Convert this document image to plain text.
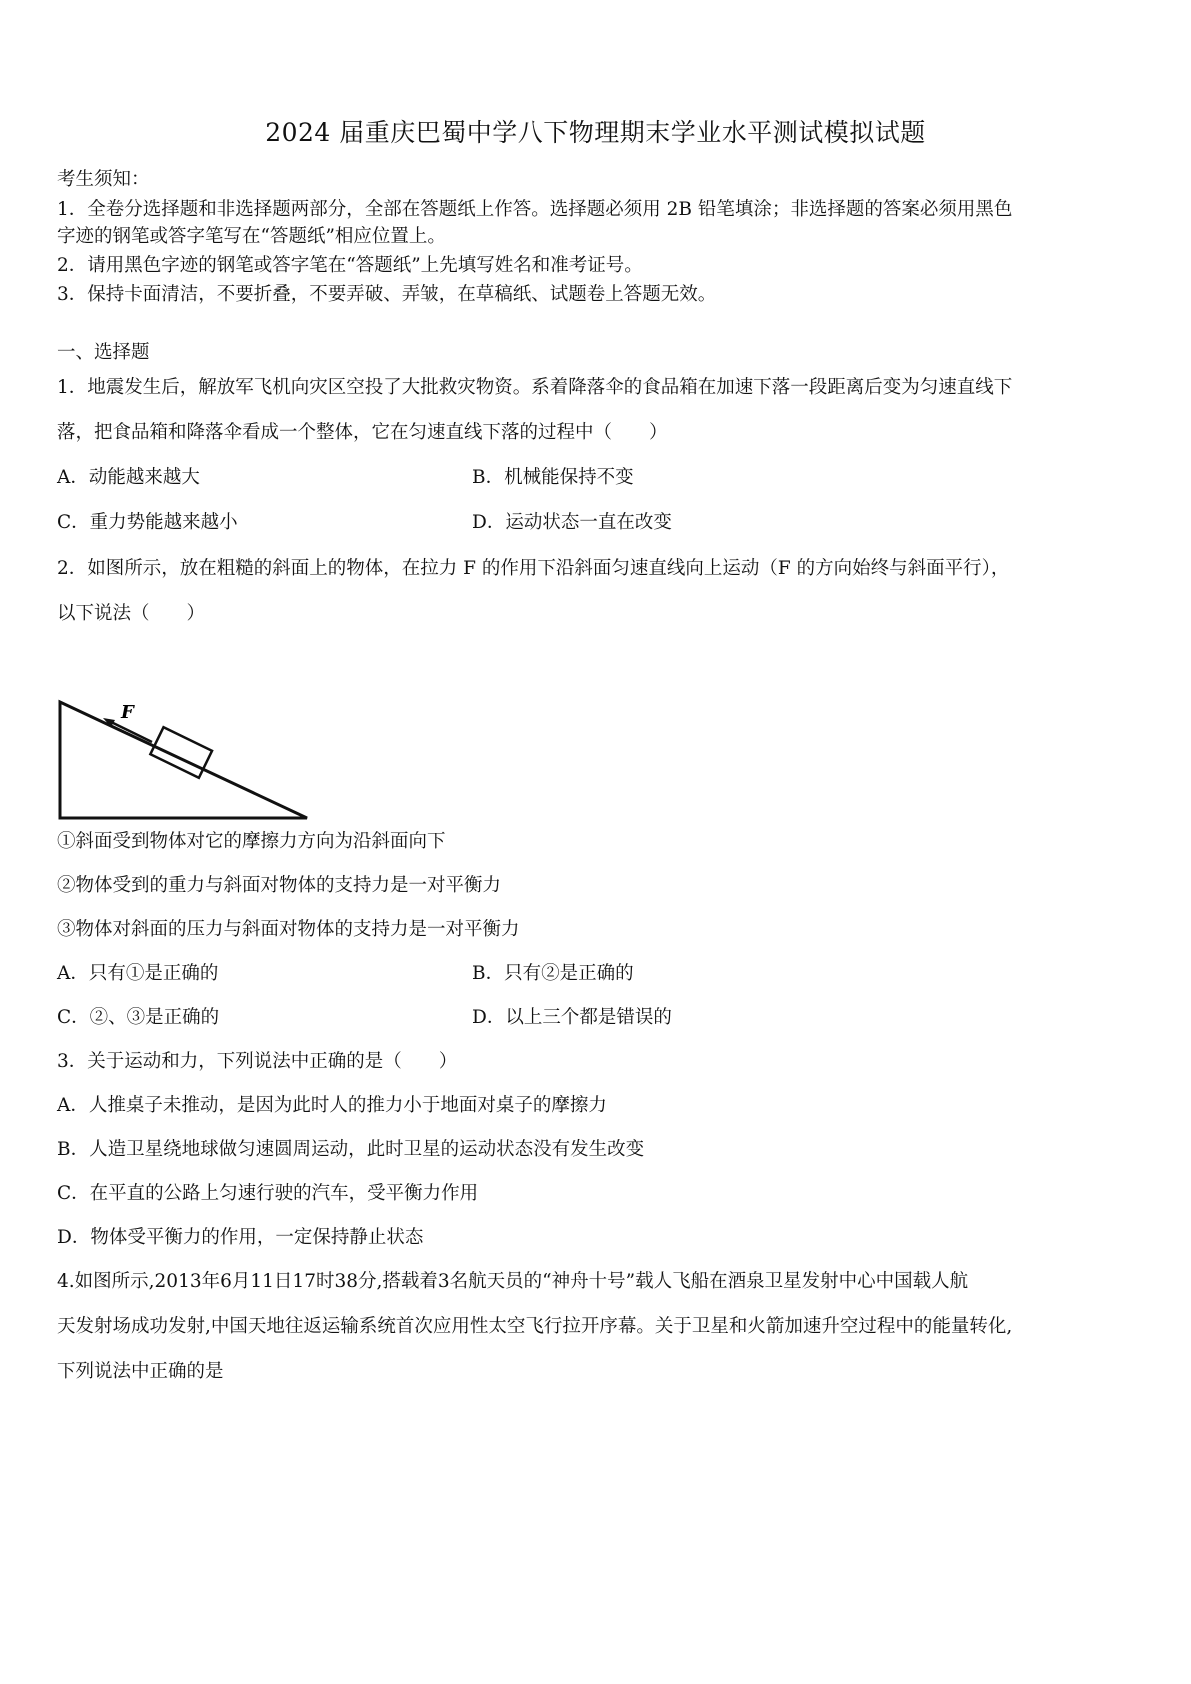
2024 届重庆巴蜀中学八下物理期末学业水平测试模拟试题
考生须知：
1．全卷分选择题和非选择题两部分，全部在答题纸上作答。选择题必须用 2B 铅笔填涂；非选择题的答案必须用黑色
字迹的钢笔或答字笔写在“答题纸”相应位置上。
2．请用黑色字迹的钢笔或答字笔在“答题纸”上先填写姓名和准考证号。
3．保持卡面清洁，不要折叠，不要弄破、弄皱，在草稿纸、试题卷上答题无效。
一、选择题
1．地震发生后，解放军飞机向灾区空投了大批救灾物资。系着降落伞的食品箱在加速下落一段距离后变为匀速直线下
落，把食品箱和降落伞看成一个整体，它在匀速直线下落的过程中（　　）
A．动能越来越大	B．机械能保持不变
C．重力势能越来越小	D．运动状态一直在改变
2．如图所示，放在粗糙的斜面上的物体，在拉力 F 的作用下沿斜面匀速直线向上运动（F 的方向始终与斜面平行），
以下说法（　　）
F
①斜面受到物体对它的摩擦力方向为沿斜面向下
②物体受到的重力与斜面对物体的支持力是一对平衡力
③物体对斜面的压力与斜面对物体的支持力是一对平衡力
A．只有①是正确的	B．只有②是正确的
C．②、③是正确的	D．以上三个都是错误的
3．关于运动和力，下列说法中正确的是（　　）
A．人推桌子未推动，是因为此时人的推力小于地面对桌子的摩擦力
B．人造卫星绕地球做匀速圆周运动，此时卫星的运动状态没有发生改变
C．在平直的公路上匀速行驶的汽车，受平衡力作用
D．物体受平衡力的作用，一定保持静止状态
4.如图所示,2013年6月11日17时38分,搭载着3名航天员的“神舟十号”载人飞船在酒泉卫星发射中心中国载人航
天发射场成功发射,中国天地往返运输系统首次应用性太空飞行拉开序幕。关于卫星和火箭加速升空过程中的能量转化,
下列说法中正确的是
